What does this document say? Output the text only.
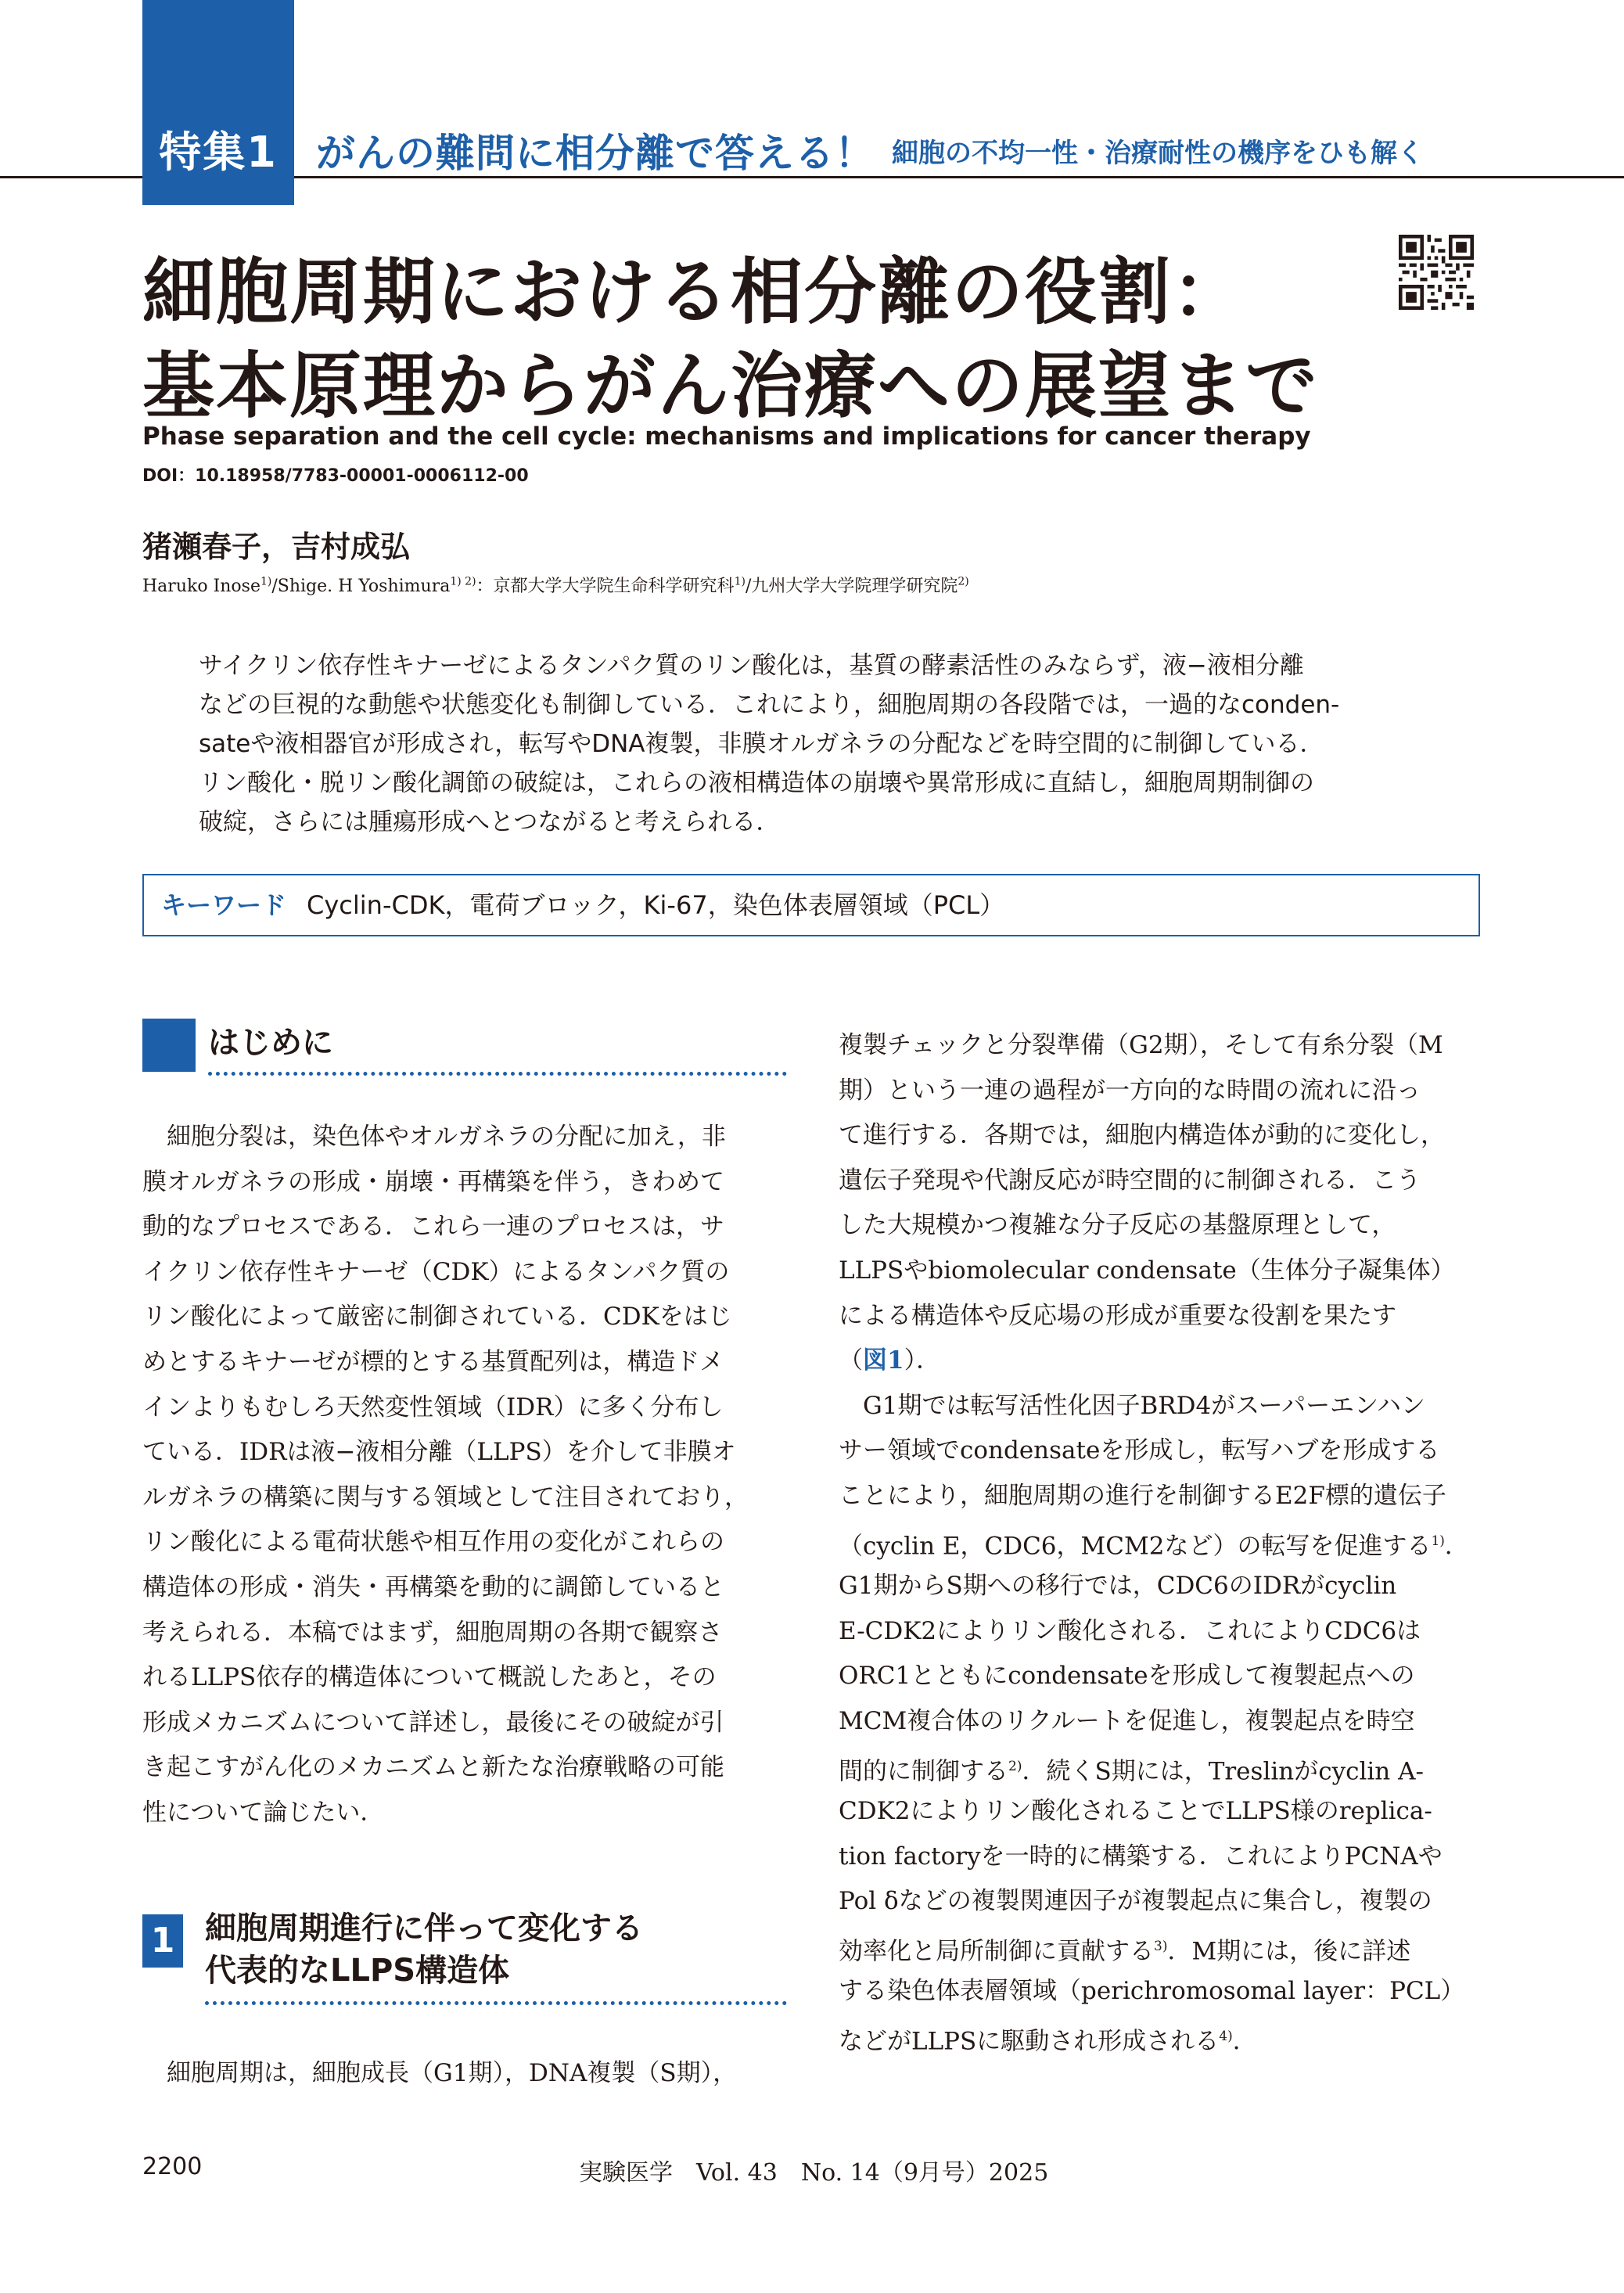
特集1 がんの難問に相分離で答える！ 細胞の不均一性・治療耐性の機序をひも解く
細胞周期における相分離の役割：
基本原理からがん治療への展望まで
Phase separation and the cell cycle: mechanisms and implications for cancer therapy
DOI：10.18958/7783-00001-0006112-00
猪瀬春子，吉村成弘
Haruko Inose$^{1)}$/Shige. H Yoshimura$^{1) 2)}$：京都大学大学院生命科学研究科$^{1)}$/九州大学大学院理学研究院$^{2)}$
サイクリン依存性キナーゼによるタンパク質のリン酸化は，基質の酵素活性のみならず，液−液相分離
などの巨視的な動態や状態変化も制御している．これにより，細胞周期の各段階では，一過的なconden-
sateや液相器官が形成され，転写やDNA複製，非膜オルガネラの分配などを時空間的に制御している．
リン酸化・脱リン酸化調節の破綻は，これらの液相構造体の崩壊や異常形成に直結し，細胞周期制御の
破綻，さらには腫瘍形成へとつながると考えられる．
キーワード Cyclin-CDK，電荷ブロック，Ki-67，染色体表層領域（PCL）
はじめに
　細胞分裂は，染色体やオルガネラの分配に加え，非
膜オルガネラの形成・崩壊・再構築を伴う，きわめて
動的なプロセスである．これら一連のプロセスは，サ
イクリン依存性キナーゼ（CDK）によるタンパク質の
リン酸化によって厳密に制御されている．CDKをはじ
めとするキナーゼが標的とする基質配列は，構造ドメ
インよりもむしろ天然変性領域（IDR）に多く分布し
ている．IDRは液−液相分離（LLPS）を介して非膜オ
ルガネラの構築に関与する領域として注目されており，
リン酸化による電荷状態や相互作用の変化がこれらの
構造体の形成・消失・再構築を動的に調節していると
考えられる．本稿ではまず，細胞周期の各期で観察さ
れるLLPS依存的構造体について概説したあと，その
形成メカニズムについて詳述し，最後にその破綻が引
き起こすがん化のメカニズムと新たな治療戦略の可能
性について論じたい．
1 細胞周期進行に伴って変化する
代表的なLLPS構造体
　細胞周期は，細胞成長（G1期），DNA複製（S期），
複製チェックと分裂準備（G2期），そして有糸分裂（M
期）という一連の過程が一方向的な時間の流れに沿っ
て進行する．各期では，細胞内構造体が動的に変化し，
遺伝子発現や代謝反応が時空間的に制御される．こう
した大規模かつ複雑な分子反応の基盤原理として，
LLPSやbiomolecular condensate（生体分子凝集体）
による構造体や反応場の形成が重要な役割を果たす
（図1）．
　G1期では転写活性化因子BRD4がスーパーエンハン
サー領域でcondensateを形成し，転写ハブを形成する
ことにより，細胞周期の進行を制御するE2F標的遺伝子
（cyclin E，CDC6，MCM2など）の転写を促進する$^{1)}$．
G1期からS期への移行では，CDC6のIDRがcyclin
E-CDK2によりリン酸化される．これによりCDC6は
ORC1とともにcondensateを形成して複製起点への
MCM複合体のリクルートを促進し，複製起点を時空
間的に制御する$^{2)}$．続くS期には，Treslinがcyclin A-
CDK2によりリン酸化されることでLLPS様のreplica-
tion factoryを一時的に構築する．これによりPCNAや
Pol δなどの複製関連因子が複製起点に集合し，複製の
効率化と局所制御に貢献する$^{3)}$．M期には，後に詳述
する染色体表層領域（perichromosomal layer：PCL）
などがLLPSに駆動され形成される$^{4)}$．
2200	実験医学　Vol. 43　No. 14（9月号）2025
